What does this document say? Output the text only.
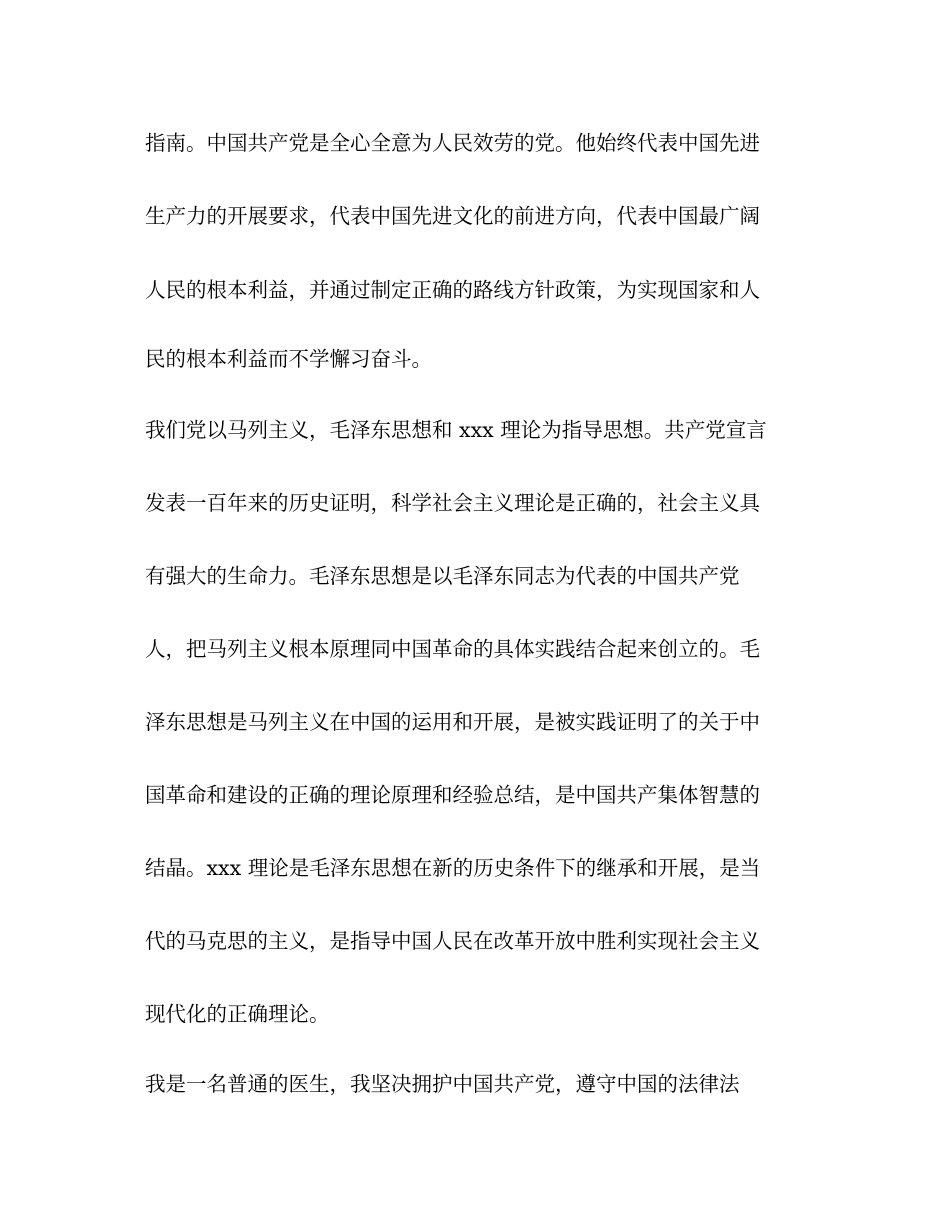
指南。中国共产党是全心全意为人民效劳的党。他始终代表中国先进

生产力的开展要求，代表中国先进文化的前进方向，代表中国最广阔

人民的根本利益，并通过制定正确的路线方针政策，为实现国家和人

民的根本利益而不学懈习奋斗。

我们党以马列主义，毛泽东思想和 xxx 理论为指导思想。共产党宣言

发表一百年来的历史证明，科学社会主义理论是正确的，社会主义具

有强大的生命力。毛泽东思想是以毛泽东同志为代表的中国共产党

人，把马列主义根本原理同中国革命的具体实践结合起来创立的。毛

泽东思想是马列主义在中国的运用和开展，是被实践证明了的关于中

国革命和建设的正确的理论原理和经验总结，是中国共产集体智慧的

结晶。xxx 理论是毛泽东思想在新的历史条件下的继承和开展，是当

代的马克思的主义，是指导中国人民在改革开放中胜利实现社会主义

现代化的正确理论。

我是一名普通的医生，我坚决拥护中国共产党，遵守中国的法律法
